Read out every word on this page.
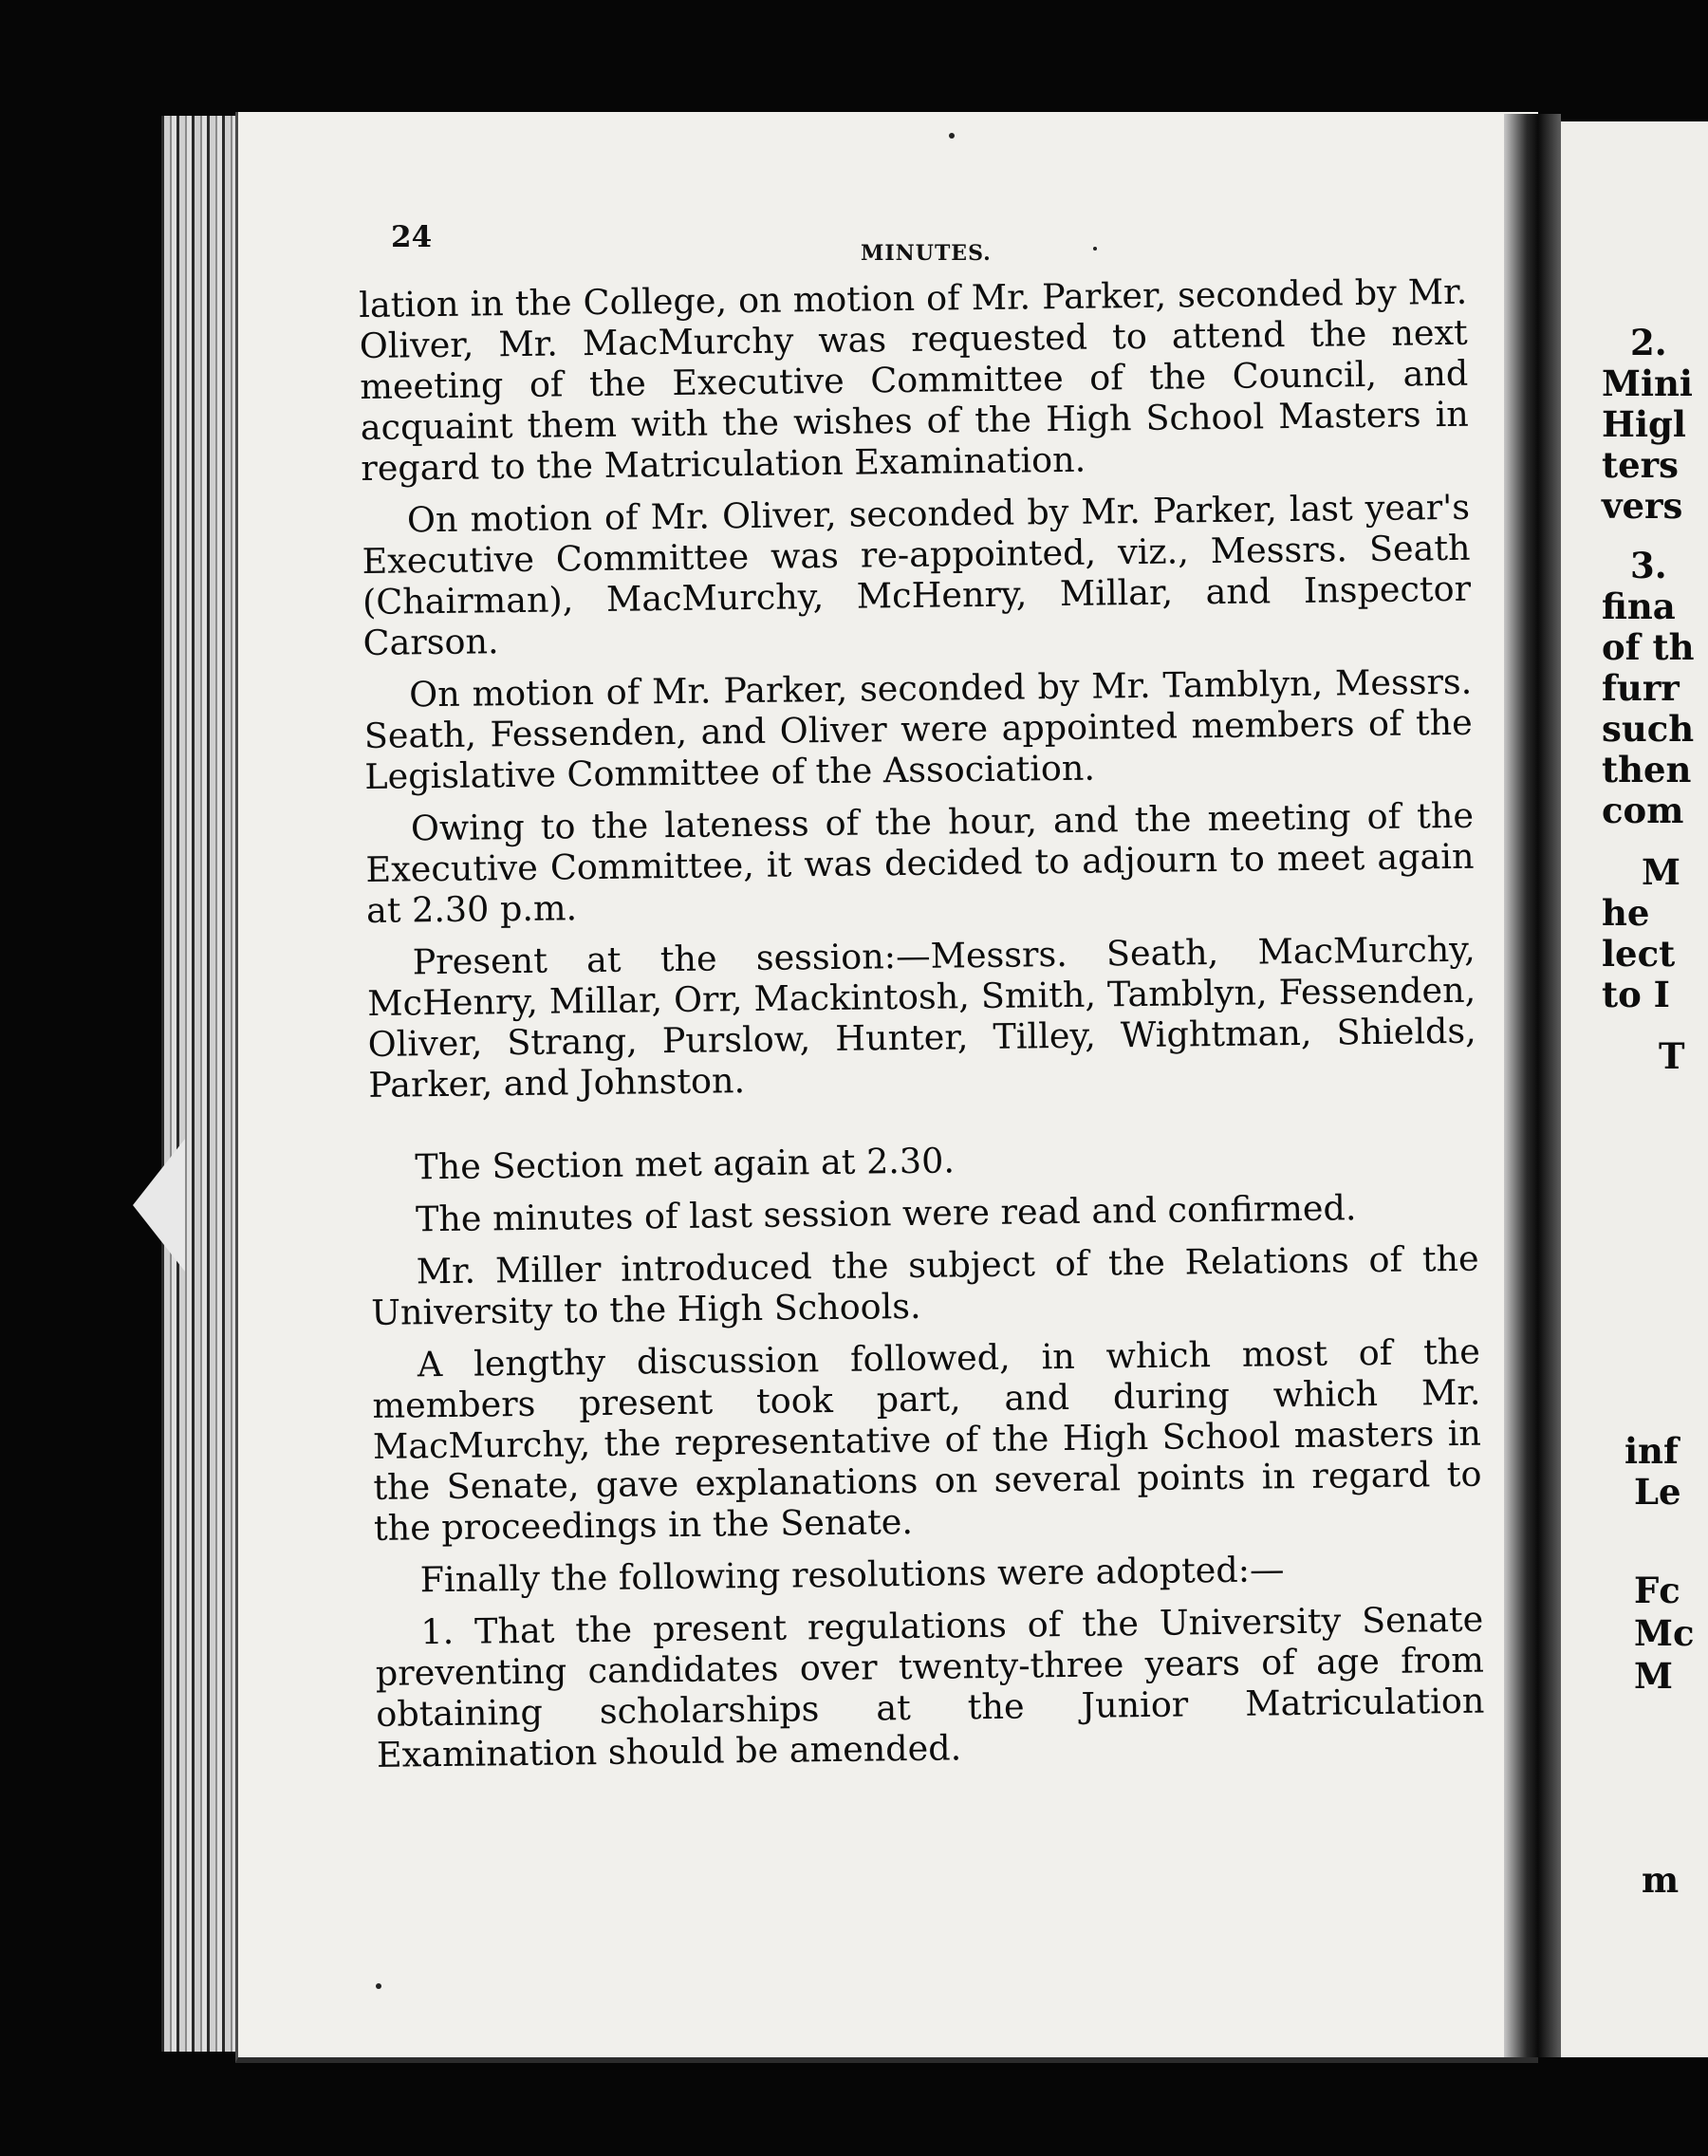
24	MINUTES.

lation in the College, on motion of Mr. Parker, seconded by Mr. Oliver, Mr. MacMurchy was requested to attend the next meeting of the Executive Committee of the Council, and acquaint them with the wishes of the High School Masters in regard to the Matriculation Examination.

On motion of Mr. Oliver, seconded by Mr. Parker, last year's Executive Committee was re-appointed, viz., Messrs. Seath (Chairman), MacMurchy, McHenry, Millar, and Inspector Carson.

On motion of Mr. Parker, seconded by Mr. Tamblyn, Messrs. Seath, Fessenden, and Oliver were appointed members of the Legislative Committee of the Association.

Owing to the lateness of the hour, and the meeting of the Executive Committee, it was decided to adjourn to meet again at 2.30 p.m.

Present at the session:—Messrs. Seath, MacMurchy, McHenry, Millar, Orr, Mackintosh, Smith, Tamblyn, Fessenden, Oliver, Strang, Purslow, Hunter, Tilley, Wightman, Shields, Parker, and Johnston.

The Section met again at 2.30.

The minutes of last session were read and confirmed.

Mr. Miller introduced the subject of the Relations of the University to the High Schools.

A lengthy discussion followed, in which most of the members present took part, and during which Mr. MacMurchy, the representative of the High School masters in the Senate, gave explanations on several points in regard to the proceedings in the Senate.

Finally the following resolutions were adopted:—

1. That the present regulations of the University Senate preventing candidates over twenty-three years of age from obtaining scholarships at the Junior Matriculation Examination should be amended.

2.
Mini
Higl
ters
vers
3.
fina
of th
furr
such
then
com
M
he
lect
to I
T
inf
Le
Fc
Mc
M
m
